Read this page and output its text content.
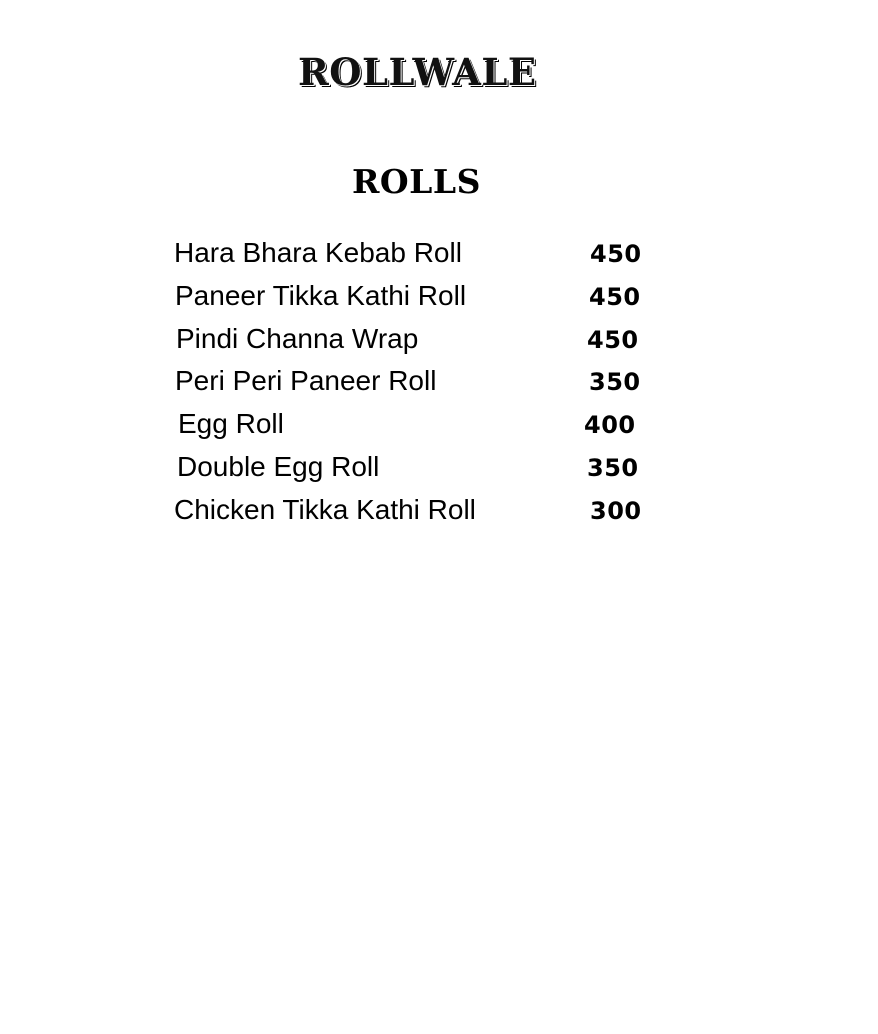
ROLLWALE
ROLLS
Hara Bhara Kebab Roll	450
Paneer Tikka Kathi Roll	450
Pindi Channa Wrap	450
Peri Peri Paneer Roll	350
Egg Roll	400
Double Egg Roll	350
Chicken Tikka Kathi Roll	300
